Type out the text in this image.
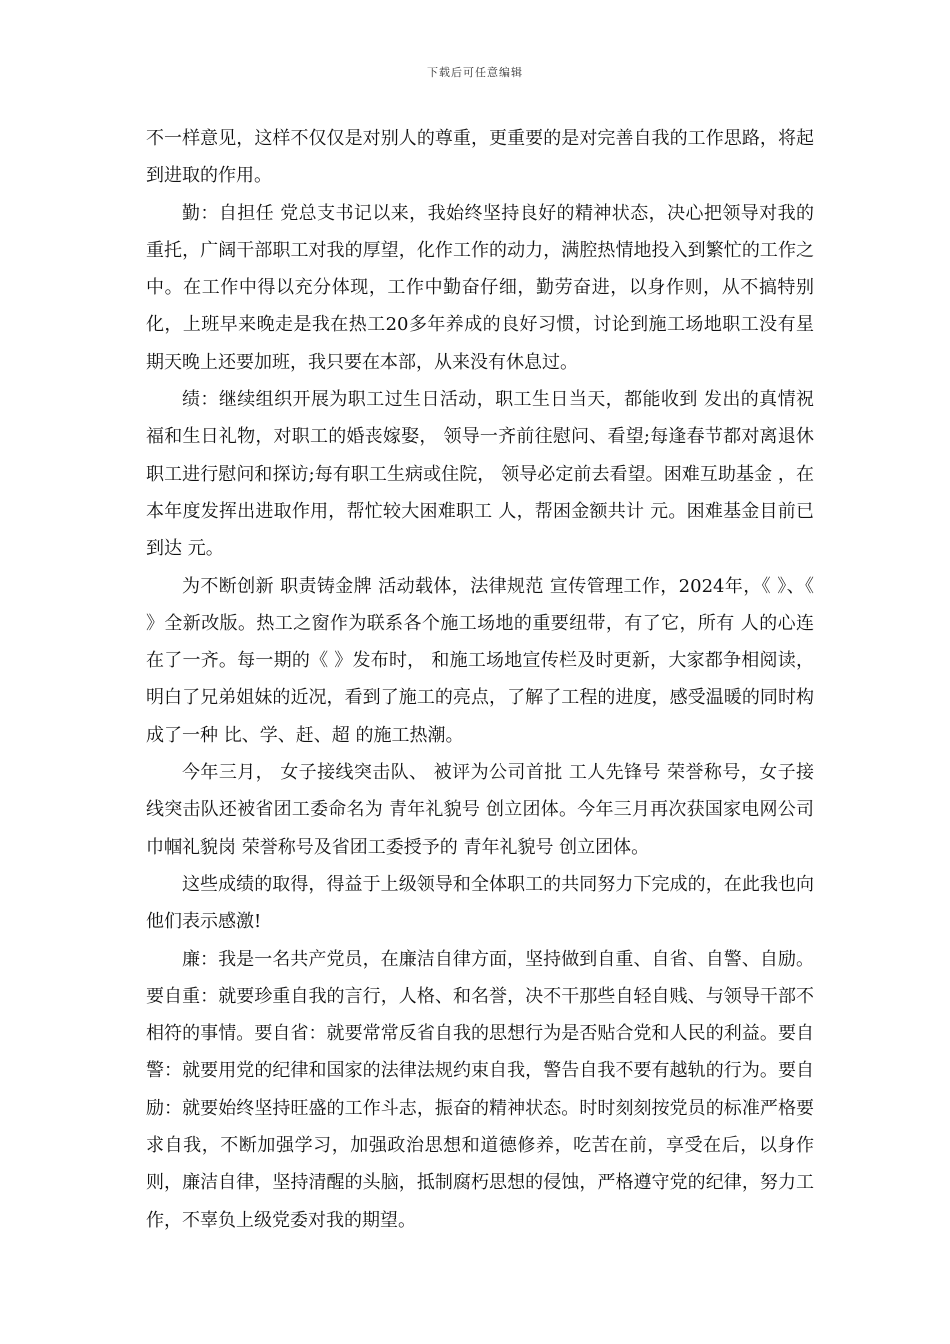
下载后可任意编辑

不一样意见，这样不仅仅是对别人的尊重，更重要的是对完善自我的工作思路，将起到进取的作用。

勤：自担任 党总支书记以来，我始终坚持良好的精神状态，决心把领导对我的重托，广阔干部职工对我的厚望，化作工作的动力，满腔热情地投入到繁忙的工作之中。在工作中得以充分体现，工作中勤奋仔细，勤劳奋进，以身作则，从不搞特别化，上班早来晚走是我在热工20多年养成的良好习惯，讨论到施工场地职工没有星期天晚上还要加班，我只要在本部，从来没有休息过。

绩：继续组织开展为职工过生日活动，职工生日当天，都能收到 发出的真情祝福和生日礼物，对职工的婚丧嫁娶， 领导一齐前往慰问、看望;每逢春节都对离退休职工进行慰问和探访;每有职工生病或住院， 领导必定前去看望。困难互助基金 ，在本年度发挥出进取作用，帮忙较大困难职工 人，帮困金额共计 元。困难基金目前已到达 元。

为不断创新 职责铸金牌 活动载体，法律规范 宣传管理工作，2024年，《 》、《 》全新改版。热工之窗作为联系各个施工场地的重要纽带，有了它，所有 人的心连在了一齐。每一期的《 》发布时， 和施工场地宣传栏及时更新，大家都争相阅读，明白了兄弟姐妹的近况，看到了施工的亮点，了解了工程的进度，感受温暖的同时构成了一种 比、学、赶、超 的施工热潮。

今年三月， 女子接线突击队、 被评为公司首批 工人先锋号 荣誉称号，女子接线突击队还被省团工委命名为 青年礼貌号 创立团体。今年三月再次获国家电网公司 巾帼礼貌岗 荣誉称号及省团工委授予的 青年礼貌号 创立团体。

这些成绩的取得，得益于上级领导和全体职工的共同努力下完成的，在此我也向他们表示感激!

廉：我是一名共产党员，在廉洁自律方面，坚持做到自重、自省、自警、自励。要自重：就要珍重自我的言行，人格、和名誉，决不干那些自轻自贱、与领导干部不相符的事情。要自省：就要常常反省自我的思想行为是否贴合党和人民的利益。要自警：就要用党的纪律和国家的法律法规约束自我，警告自我不要有越轨的行为。要自励：就要始终坚持旺盛的工作斗志，振奋的精神状态。时时刻刻按党员的标准严格要求自我，不断加强学习，加强政治思想和道德修养，吃苦在前，享受在后，以身作则，廉洁自律，坚持清醒的头脑，抵制腐朽思想的侵蚀，严格遵守党的纪律，努力工作，不辜负上级党委对我的期望。
